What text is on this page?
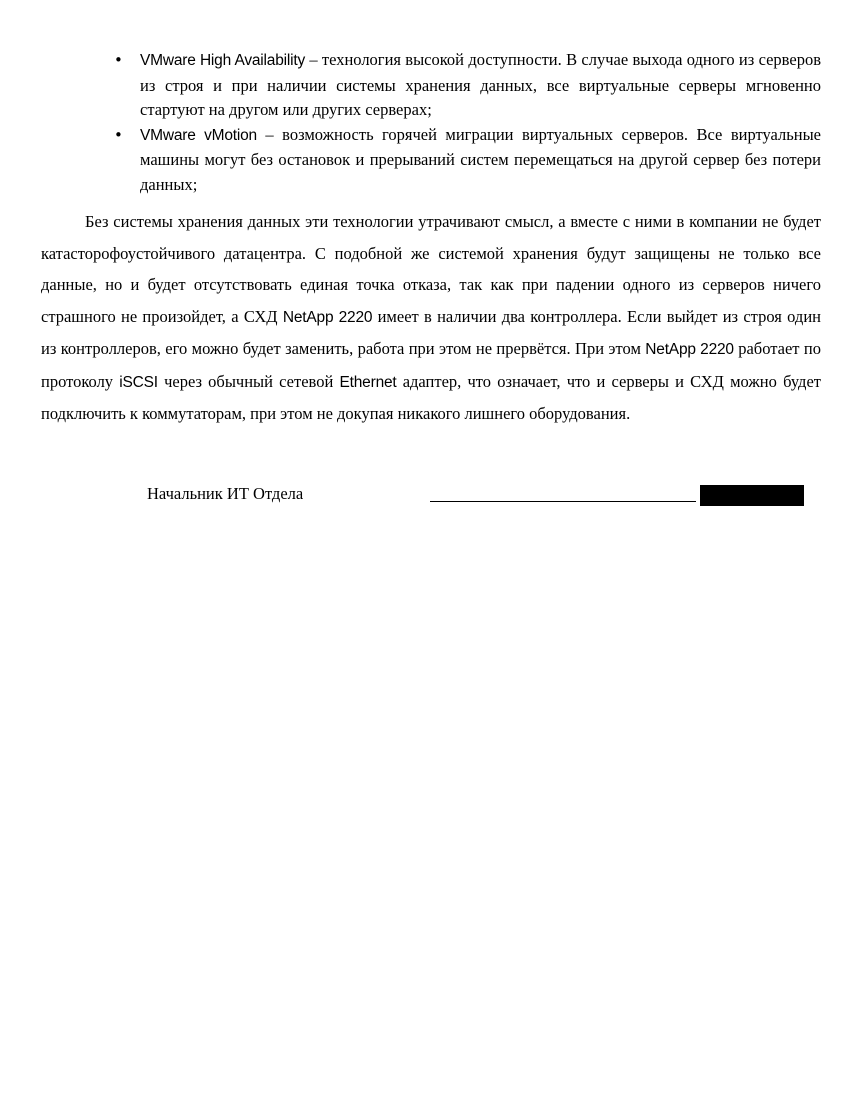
• VMware High Availability – технология высокой доступности. В случае выхода одного из серверов из строя и при наличии системы хранения данных, все виртуальные серверы мгновенно стартуют на другом или других серверах;
• VMware vMotion – возможность горячей миграции виртуальных серверов. Все виртуальные машины могут без остановок и прерываний систем перемещаться на другой сервер без потери данных;

Без системы хранения данных эти технологии утрачивают смысл, а вместе с ними в компании не будет катасторофоустойчивого датацентра. С подобной же системой хранения будут защищены не только все данные, но и будет отсутствовать единая точка отказа, так как при падении одного из серверов ничего страшного не произойдет, а СХД NetApp 2220 имеет в наличии два контроллера. Если выйдет из строя один из контроллеров, его можно будет заменить, работа при этом не прервётся. При этом NetApp 2220 работает по протоколу iSCSI через обычный сетевой Ethernet адаптер, что означает, что и серверы и СХД можно будет подключить к коммутаторам, при этом не докупая никакого лишнего оборудования.

Начальник ИТ Отдела
